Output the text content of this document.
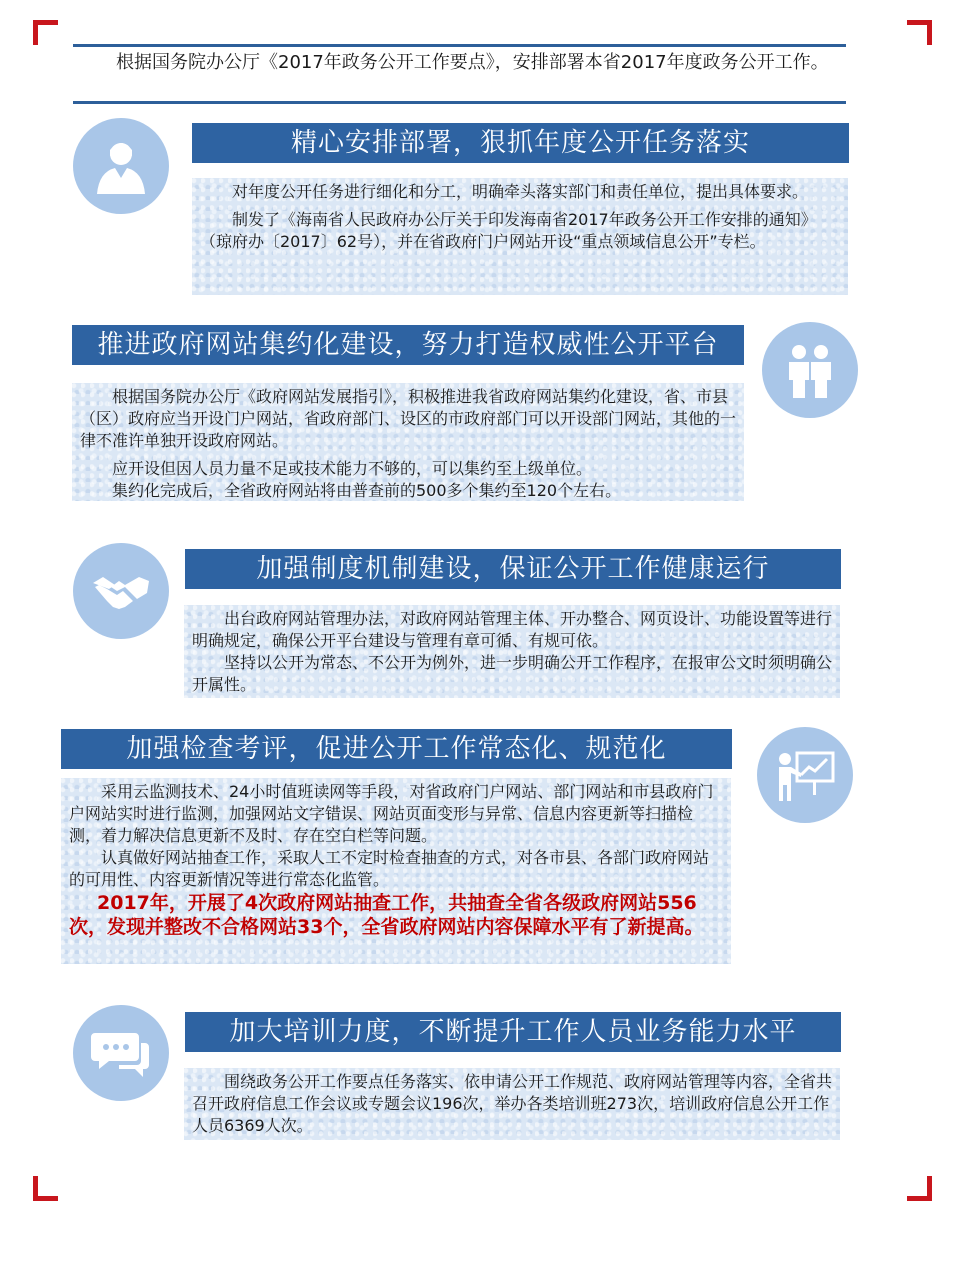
根据国务院办公厅《2017年政务公开工作要点》，安排部署本省2017年度政务公开工作。

精心安排部署，狠抓年度公开任务落实

对年度公开任务进行细化和分工，明确牵头落实部门和责任单位，提出具体要求。

制发了《海南省人民政府办公厅关于印发海南省2017年政务公开工作安排的通知》（琼府办〔2017〕62号），并在省政府门户网站开设“重点领域信息公开”专栏。

推进政府网站集约化建设，努力打造权威性公开平台

根据国务院办公厅《政府网站发展指引》，积极推进我省政府网站集约化建设，省、市县（区）政府应当开设门户网站，省政府部门、设区的市政府部门可以开设部门网站，其他的一律不准许单独开设政府网站。

应开设但因人员力量不足或技术能力不够的，可以集约至上级单位。

集约化完成后，全省政府网站将由普查前的500多个集约至120个左右。

加强制度机制建设，保证公开工作健康运行

出台政府网站管理办法，对政府网站管理主体、开办整合、网页设计、功能设置等进行明确规定，确保公开平台建设与管理有章可循、有规可依。

坚持以公开为常态、不公开为例外，进一步明确公开工作程序，在报审公文时须明确公开属性。

加强检查考评，促进公开工作常态化、规范化

采用云监测技术、24小时值班读网等手段，对省政府门户网站、部门网站和市县政府门户网站实时进行监测，加强网站文字错误、网站页面变形与异常、信息内容更新等扫描检测，着力解决信息更新不及时、存在空白栏等问题。

认真做好网站抽查工作，采取人工不定时检查抽查的方式，对各市县、各部门政府网站的可用性、内容更新情况等进行常态化监管。

2017年，开展了4次政府网站抽查工作，共抽查全省各级政府网站556次，发现并整改不合格网站33个，全省政府网站内容保障水平有了新提高。

加大培训力度，不断提升工作人员业务能力水平

围绕政务公开工作要点任务落实、依申请公开工作规范、政府网站管理等内容，全省共召开政府信息工作会议或专题会议196次，举办各类培训班273次，培训政府信息公开工作人员6369人次。
